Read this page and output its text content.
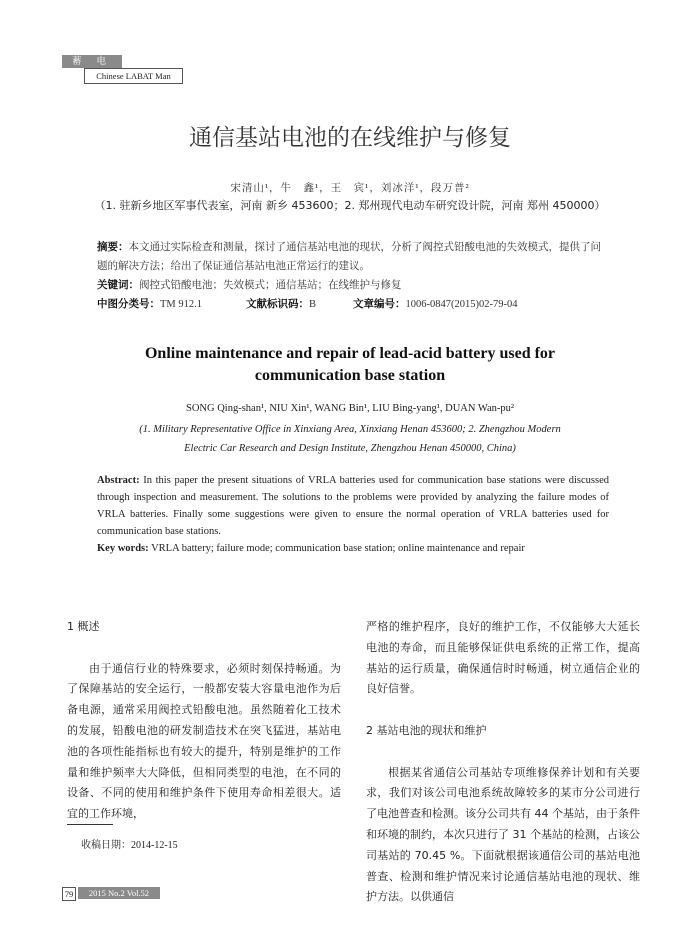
蓄 电 池
Chinese LABAT Man
通信基站电池的在线维护与修复
宋清山¹，牛　鑫¹，王　宾¹，刘冰洋¹，段万普²
（1. 驻新乡地区军事代表室，河南 新乡 453600；2. 郑州现代电动车研究设计院，河南 郑州 450000）
摘要：本文通过实际检查和测量，探讨了通信基站电池的现状，分析了阀控式铅酸电池的失效模式，提供了问题的解决方法；给出了保证通信基站电池正常运行的建议。
关键词：阀控式铅酸电池；失效模式；通信基站；在线维护与修复
中图分类号：TM 912.1	文献标识码：B	文章编号：1006-0847(2015)02-79-04
Online maintenance and repair of lead-acid battery used for
communication base station
SONG Qing-shan¹, NIU Xin¹, WANG Bin¹, LIU Bing-yang¹, DUAN Wan-pu²
(1. Military Representative Office in Xinxiang Area, Xinxiang Henan 453600; 2. Zhengzhou Modern
Electric Car Research and Design Institute, Zhengzhou Henan 450000, China)
Abstract: In this paper the present situations of VRLA batteries used for communication base stations were discussed through inspection and measurement. The solutions to the problems were provided by analyzing the failure modes of VRLA batteries. Finally some suggestions were given to ensure the normal operation of VRLA batteries used for communication base stations.
Key words: VRLA battery; failure mode; communication base station; online maintenance and repair

1 概述

由于通信行业的特殊要求，必须时刻保持畅通。为了保障基站的安全运行，一般都安装大容量电池作为后备电源，通常采用阀控式铅酸电池。虽然随着化工技术的发展，铅酸电池的研发制造技术在突飞猛进，基站电池的各项性能指标也有较大的提升，特别是维护的工作量和维护频率大大降低，但相同类型的电池，在不同的设备、不同的使用和维护条件下使用寿命相差很大。适宜的工作环境，

严格的维护程序，良好的维护工作，不仅能够大大延长电池的寿命，而且能够保证供电系统的正常工作，提高基站的运行质量，确保通信时时畅通，树立通信企业的良好信誉。

2 基站电池的现状和维护

根据某省通信公司基站专项维修保养计划和有关要求，我们对该公司电池系统故障较多的某市分公司进行了电池普查和检测。该分公司共有 44 个基站，由于条件和环境的制约，本次只进行了 31 个基站的检测，占该公司基站的 70.45 %。下面就根据该通信公司的基站电池普查、检测和维护情况来讨论通信基站电池的现状、维护方法。以供通信

收稿日期：2014-12-15
79	2015 No.2 Vol.52
